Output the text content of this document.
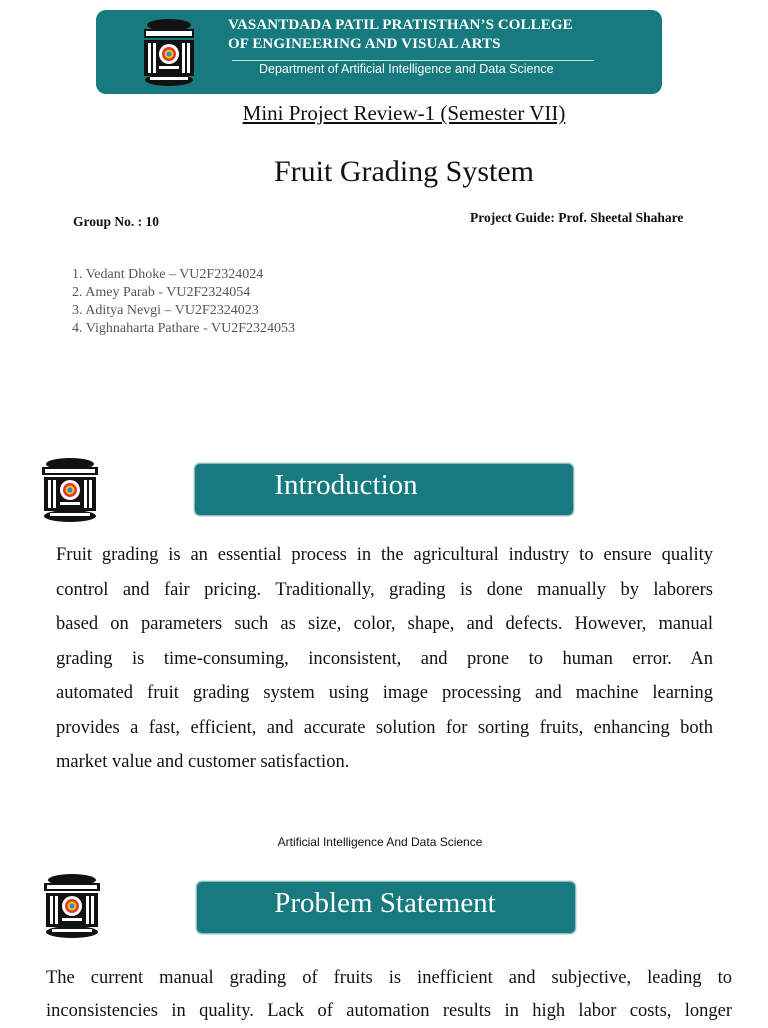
VASANTDADA PATIL PRATISTHAN’S COLLEGE
OF ENGINEERING AND VISUAL ARTS
Department of Artificial Intelligence and Data Science
Mini Project Review-1 (Semester VII)
Fruit Grading System
Group No. : 10	Project Guide: Prof. Sheetal Shahare
1. Vedant Dhoke – VU2F2324024
2. Amey Parab - VU2F2324054
3. Aditya Nevgi – VU2F2324023
4. Vighnaharta Pathare - VU2F2324053
Introduction
Fruit grading is an essential process in the agricultural industry to ensure quality
control and fair pricing. Traditionally, grading is done manually by laborers
based on parameters such as size, color, shape, and defects. However, manual
grading is time-consuming, inconsistent, and prone to human error. An
automated fruit grading system using image processing and machine learning
provides a fast, efficient, and accurate solution for sorting fruits, enhancing both
market value and customer satisfaction.
Artificial Intelligence And Data Science
Problem Statement
The current manual grading of fruits is inefficient and subjective, leading to
inconsistencies in quality. Lack of automation results in high labor costs, longer
